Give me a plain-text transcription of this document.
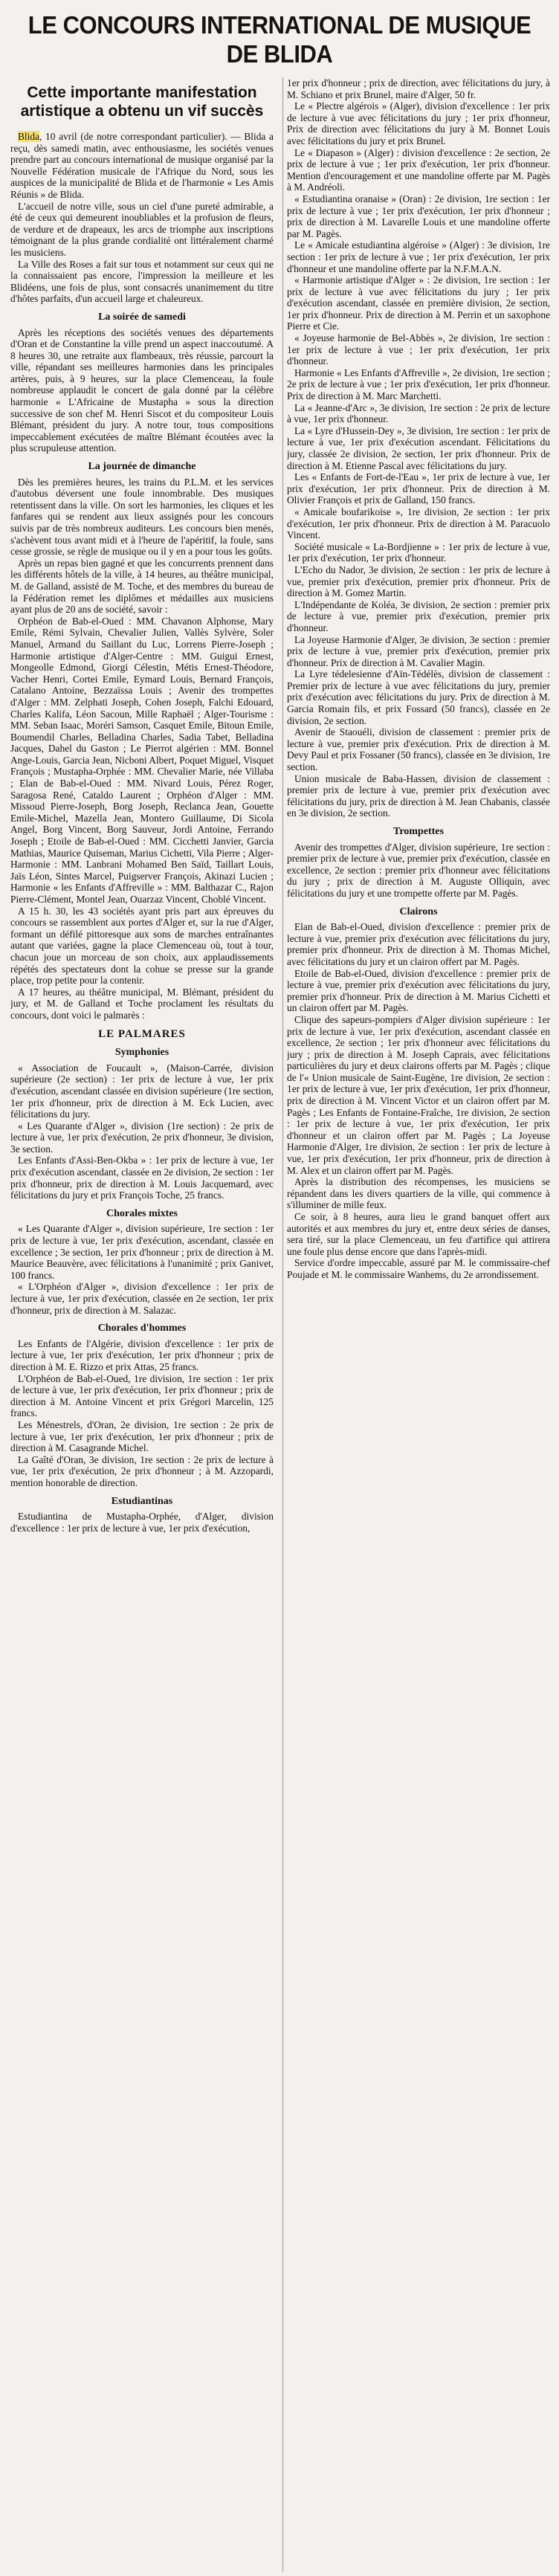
LE CONCOURS INTERNATIONAL DE MUSIQUE DE BLIDA
Cette importante manifestation artistique a obtenu un vif succès

Blida, 10 avril (de notre correspondant particulier). — Blida a reçu, dès samedi matin, avec enthousiasme, les sociétés venues prendre part au concours international de musique organisé par la Nouvelle Fédération musicale de l'Afrique du Nord, sous les auspices de la municipalité de Blida et de l'harmonie « Les Amis Réunis » de Blida.

L'accueil de notre ville, sous un ciel d'une pureté admirable, a été de ceux qui demeurent inoubliables et la profusion de fleurs, de verdure et de drapeaux, les arcs de triomphe aux inscriptions témoignant de la plus grande cordialité ont littéralement charmé les musiciens.

La Ville des Roses a fait sur tous et notamment sur ceux qui ne la connaissaient pas encore, l'impression la meilleure et les Blidéens, une fois de plus, sont consacrés unanimement du titre d'hôtes parfaits, d'un accueil large et chaleureux.

La soirée de samedi

Après les réceptions des sociétés venues des départements d'Oran et de Constantine la ville prend un aspect inaccoutumé. A 8 heures 30, une retraite aux flambeaux, très réussie, parcourt la ville, répandant ses meilleures harmonies dans les principales artères, puis, à 9 heures, sur la place Clemenceau, la foule nombreuse applaudit le concert de gala donné par la célèbre harmonie « L'Africaine de Mustapha » sous la direction successive de son chef M. Henri Siscot et du compositeur Louis Blémant, président du jury. A notre tour, tous compositions impeccablement exécutées de maître Blémant écoutées avec la plus scrupuleuse attention.

La journée de dimanche

Dès les premières heures, les trains du P.L.M. et les services d'autobus déversent une foule innombrable. Des musiques retentissent dans la ville. On sort les harmonies, les cliques et les fanfares qui se rendent aux lieux assignés pour les concours suivis par de très nombreux auditeurs. Les concours bien menés, s'achèvent tous avant midi et à l'heure de l'apéritif, la foule, sans cesse grossie, se règle de musique ou il y en a pour tous les goûts.

Après un repas bien gagné et que les concurrents prennent dans les différents hôtels de la ville, à 14 heures, au théâtre municipal, M. de Galland, assisté de M. Toche, et des membres du bureau de la Fédération remet les diplômes et médailles aux musiciens ayant plus de 20 ans de société, savoir :

Orphéon de Bab-el-Oued : MM. Chavanon Alphonse, Mary Emile, Rémi Sylvain, Chevalier Julien, Vallès Sylvère, Soler Manuel, Armand du Saillant du Luc, Lorrens Pierre-Joseph ; Harmonie artistique d'Alger-Centre : MM. Guigui Ernest, Mongeolle Edmond, Giorgi Célestin, Métis Ernest-Théodore, Vacher Henri, Cortei Emile, Eymard Louis, Bernard François, Catalano Antoine, Bezzaïssa Louis ; Avenir des trompettes d'Alger : MM. Zelphati Joseph, Cohen Joseph, Falchi Edouard, Charles Kalifa, Léon Sacoun, Mille Raphaël ; Alger-Tourisme : MM. Seban Isaac, Moréri Samson, Casquet Emile, Bitoun Emile, Boumendil Charles, Belladina Charles, Sadia Tabet, Belladina Jacques, Dahel du Gaston ; Le Pierrot algérien : MM. Bonnel Ange-Louis, Garcia Jean, Nicboni Albert, Poquet Miguel, Visquet François ; Mustapha-Orphée : MM. Chevalier Marie, née Villaba ; Elan de Bab-el-Oued : MM. Nivard Louis, Pérez Roger, Saragosa René, Cataldo Laurent ; Orphéon d'Alger : MM. Missoud Pierre-Joseph, Borg Joseph, Reclanca Jean, Gouette Emile-Michel, Mazella Jean, Montero Guillaume, Di Sicola Angel, Borg Vincent, Borg Sauveur, Jordi Antoine, Ferrando Joseph ; Etoile de Bab-el-Oued : MM. Cicchetti Janvier, Garcia Mathias, Maurice Quiseman, Marius Cichetti, Vila Pierre ; Alger-Harmonie : MM. Lanbrani Mohamed Ben Saïd, Taillart Louis, Jaïs Léon, Sintes Marcel, Puigserver François, Akinazi Lucien ; Harmonie « les Enfants d'Affreville » : MM. Balthazar C., Rajon Pierre-Clément, Montel Jean, Ouarzaz Vincent, Choblé Vincent.

A 15 h. 30, les 43 sociétés ayant pris part aux épreuves du concours se rassemblent aux portes d'Alger et, sur la rue d'Alger, formant un défilé pittoresque aux sons de marches entraînantes autant que variées, gagne la place Clemenceau où, tout à tour, chacun joue un morceau de son choix, aux applaudissements répétés des spectateurs dont la cohue se presse sur la grande place, trop petite pour la contenir.

A 17 heures, au théâtre municipal, M. Blémant, président du jury, et M. de Galland et Toche proclament les résultats du concours, dont voici le palmarès :

LE PALMARES
Symphonies

« Association de Foucault », (Maison-Carrée, division supérieure (2e section) : 1er prix de lecture à vue, 1er prix d'exécution, ascendant classée en division supérieure (1re section, 1er prix d'honneur, prix de direction à M. Eck Lucien, avec félicitations du jury.

« Les Quarante d'Alger », division (1re section) : 2e prix de lecture à vue, 1er prix d'exécution, 2e prix d'honneur, 3e division, 3e section.

Les Enfants d'Assi-Ben-Okba » : 1er prix de lecture à vue, 1er prix d'exécution ascendant, classée en 2e division, 2e section : 1er prix d'honneur, prix de direction à M. Louis Jacquemard, avec félicitations du jury et prix François Toche, 25 francs.

Chorales mixtes

« Les Quarante d'Alger », division supérieure, 1re section : 1er prix de lecture à vue, 1er prix d'exécution, ascendant, classée en excellence ; 3e section, 1er prix d'honneur ; prix de direction à M. Maurice Beauvère, avec félicitations à l'unanimité ; prix Ganivet, 100 francs.

« L'Orphéon d'Alger », division d'excellence : 1er prix de lecture à vue, 1er prix d'exécution, classée en 2e section, 1er prix d'honneur, prix de direction à M. Salazac.

Chorales d'hommes

Les Enfants de l'Algérie, division d'excellence : 1er prix de lecture à vue, 1er prix d'exécution, 1er prix d'honneur ; prix de direction à M. E. Rizzo et prix Attas, 25 francs.

L'Orphéon de Bab-el-Oued, 1re division, 1re section : 1er prix de lecture à vue, 1er prix d'exécution, 1er prix d'honneur ; prix de direction à M. Antoine Vincent et prix Grégori Marcelin, 125 francs.

Les Ménestrels, d'Oran, 2e division, 1re section : 2e prix de lecture à vue, 1er prix d'exécution, 1er prix d'honneur ; prix de direction à M. Casagrande Michel.

La Gaîté d'Oran, 3e division, 1re section : 2e prix de lecture à vue, 1er prix d'exécution, 2e prix d'honneur ; à M. Azzopardi, mention honorable de direction.

Estudiantinas

Estudiantina de Mustapha-Orphée, d'Alger, division d'excellence : 1er prix de lecture à vue, 1er prix d'exécution,

1er prix d'honneur ; prix de direction, avec félicitations du jury, à M. Schiano et prix Brunel, maire d'Alger, 50 fr.

Le « Plectre algérois » (Alger), division d'excellence : 1er prix de lecture à vue avec félicitations du jury ; 1er prix d'honneur, Prix de direction avec félicitations du jury à M. Bonnet Louis avec félicitations du jury et prix Brunel.

Le « Diapason » (Alger) : division d'excellence : 2e section, 2e prix de lecture à vue ; 1er prix d'exécution, 1er prix d'honneur. Mention d'encouragement et une mandoline offerte par M. Pagès à M. Andréoli.

« Estudiantina oranaise » (Oran) : 2e division, 1re section : 1er prix de lecture à vue ; 1er prix d'exécution, 1er prix d'honneur ; prix de direction à M. Lavarelle Louis et une mandoline offerte par M. Pagès.

Le « Amicale estudiantina algéroise » (Alger) : 3e division, 1re section : 1er prix de lecture à vue ; 1er prix d'exécution, 1er prix d'honneur et une mandoline offerte par la N.F.M.A.N.

« Harmonie artistique d'Alger » : 2e division, 1re section : 1er prix de lecture à vue avec félicitations du jury ; 1er prix d'exécution ascendant, classée en première division, 2e section, 1er prix d'honneur. Prix de direction à M. Perrin et un saxophone Pierre et Cie.

« Joyeuse harmonie de Bel-Abbès », 2e division, 1re section : 1er prix de lecture à vue ; 1er prix d'exécution, 1er prix d'honneur.

Harmonie « Les Enfants d'Affreville », 2e division, 1re section ; 2e prix de lecture à vue ; 1er prix d'exécution, 1er prix d'honneur. Prix de direction à M. Marc Marchetti.

La « Jeanne-d'Arc », 3e division, 1re section : 2e prix de lecture à vue, 1er prix d'honneur.

La « Lyre d'Hussein-Dey », 3e division, 1re section : 1er prix de lecture à vue, 1er prix d'exécution ascendant. Félicitations du jury, classée 2e division, 2e section, 1er prix d'honneur. Prix de direction à M. Etienne Pascal avec félicitations du jury.

Les « Enfants de Fort-de-l'Eau », 1er prix de lecture à vue, 1er prix d'exécution, 1er prix d'honneur. Prix de direction à M. Olivier François et prix de Galland, 150 francs.

« Amicale boufarikoise », 1re division, 2e section : 1er prix d'exécution, 1er prix d'honneur. Prix de direction à M. Paracuolo Vincent.

Société musicale « La-Bordjienne » : 1er prix de lecture à vue, 1er prix d'exécution, 1er prix d'honneur.

L'Echo du Nador, 3e division, 2e section : 1er prix de lecture à vue, premier prix d'exécution, premier prix d'honneur. Prix de direction à M. Gomez Martin.

L'Indépendante de Koléa, 3e division, 2e section : premier prix de lecture à vue, premier prix d'exécution, premier prix d'honneur.

La Joyeuse Harmonie d'Alger, 3e division, 3e section : premier prix de lecture à vue, premier prix d'exécution, premier prix d'honneur. Prix de direction à M. Cavalier Magin.

La Lyre tédelesienne d'Aïn-Tédélès, division de classement : Premier prix de lecture à vue avec félicitations du jury, premier prix d'exécution avec félicitations du jury. Prix de direction à M. Garcia Romain fils, et prix Fossard (50 francs), classée en 2e division, 2e section.

Avenir de Staouéli, division de classement : premier prix de lecture à vue, premier prix d'exécution. Prix de direction à M. Devy Paul et prix Fossaner (50 francs), classée en 3e division, 1re section.

Union musicale de Baba-Hassen, division de classement : premier prix de lecture à vue, premier prix d'exécution avec félicitations du jury, prix de direction à M. Jean Chabanis, classée en 3e division, 2e section.

Trompettes

Avenir des trompettes d'Alger, division supérieure, 1re section : premier prix de lecture à vue, premier prix d'exécution, classée en excellence, 2e section : premier prix d'honneur avec félicitations du jury ; prix de direction à M. Auguste Olliquin, avec félicitations du jury et une trompette offerte par M. Pagès.

Clairons

Elan de Bab-el-Oued, division d'excellence : premier prix de lecture à vue, premier prix d'exécution avec félicitations du jury, premier prix d'honneur. Prix de direction à M. Thomas Michel, avec félicitations du jury et un clairon offert par M. Pagès.

Etoile de Bab-el-Oued, division d'excellence : premier prix de lecture à vue, premier prix d'exécution avec félicitations du jury, premier prix d'honneur. Prix de direction à M. Marius Cichetti et un clairon offert par M. Pagès.

Clique des sapeurs-pompiers d'Alger division supérieure : 1er prix de lecture à vue, 1er prix d'exécution, ascendant classée en excellence, 2e section ; 1er prix d'honneur avec félicitations du jury ; prix de direction à M. Joseph Caprais, avec félicitations particulières du jury et deux clairons offerts par M. Pagès ; clique de l'« Union musicale de Saint-Eugène, 1re division, 2e section : 1er prix de lecture à vue, 1er prix d'exécution, 1er prix d'honneur, prix de direction à M. Vincent Victor et un clairon offert par M. Pagès ; Les Enfants de Fontaine-Fraîche, 1re division, 2e section : 1er prix de lecture à vue, 1er prix d'exécution, 1er prix d'honneur et un clairon offert par M. Pagès ; La Joyeuse Harmonie d'Alger, 1re division, 2e section : 1er prix de lecture à vue, 1er prix d'exécution, 1er prix d'honneur, prix de direction à M. Alex et un clairon offert par M. Pagès.

Après la distribution des récompenses, les musiciens se répandent dans les divers quartiers de la ville, qui commence à s'illuminer de mille feux.

Ce soir, à 8 heures, aura lieu le grand banquet offert aux autorités et aux membres du jury et, entre deux séries de danses, sera tiré, sur la place Clemenceau, un feu d'artifice qui attirera une foule plus dense encore que dans l'après-midi.

Service d'ordre impeccable, assuré par M. le commissaire-chef Poujade et M. le commissaire Wanhems, du 2e arrondissement.
